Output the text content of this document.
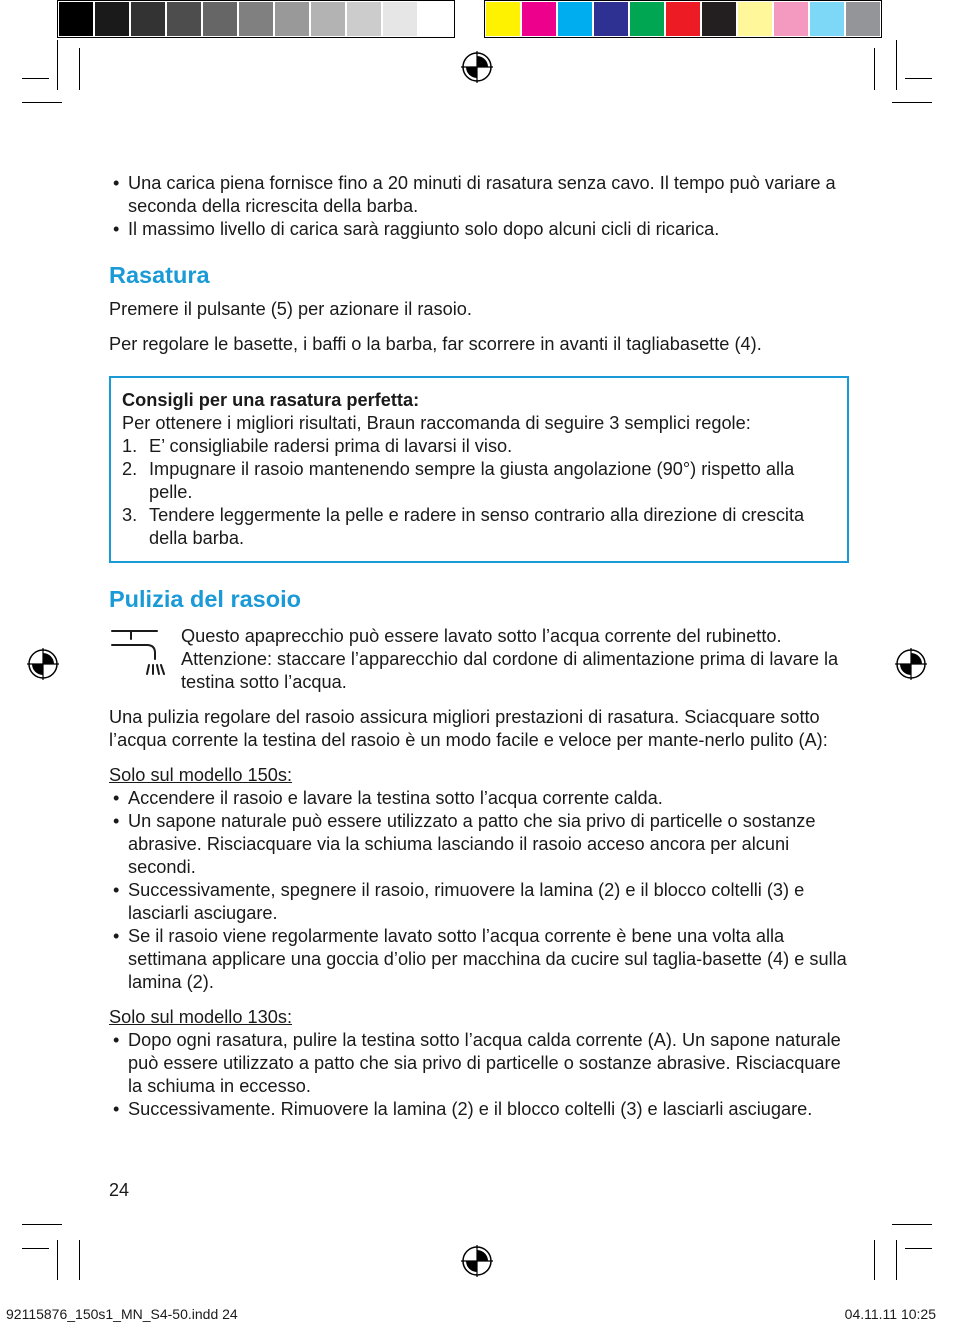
• Una carica piena fornisce fino a 20 minuti di rasatura senza cavo. Il tempo può variare a seconda della ricrescita della barba.
• Il massimo livello di carica sarà raggiunto solo dopo alcuni cicli di ricarica.
Rasatura

Premere il pulsante (5) per azionare il rasoio.

Per regolare le basette, i baffi o la barba, far scorrere in avanti il tagliabasette (4).

Consigli per una rasatura perfetta:
Per ottenere i migliori risultati, Braun raccomanda di seguire 3 semplici regole:
1. E’ consigliabile radersi prima di lavarsi il viso.
2. Impugnare il rasoio mantenendo sempre la giusta angolazione (90°) rispetto alla pelle.
3. Tendere leggermente la pelle e radere in senso contrario alla direzione di crescita della barba.
Pulizia del rasoio
Questo apaprecchio può essere lavato sotto l’acqua corrente del rubinetto.
Attenzione: staccare l’apparecchio dal cordone di alimentazione prima di lavare la testina sotto l’acqua.

Una pulizia regolare del rasoio assicura migliori prestazioni di rasatura. Sciacquare sotto l’acqua corrente la testina del rasoio è un modo facile e veloce per mante-nerlo pulito (A):

Solo sul modello 150s:

• Accendere il rasoio e lavare la testina sotto l’acqua corrente calda.
• Un sapone naturale può essere utilizzato a patto che sia privo di particelle o sostanze abrasive. Risciacquare via la schiuma lasciando il rasoio acceso ancora per alcuni secondi.
• Successivamente, spegnere il rasoio, rimuovere la lamina (2) e il blocco coltelli (3) e lasciarli asciugare.
• Se il rasoio viene regolarmente lavato sotto l’acqua corrente è bene una volta alla settimana applicare una goccia d’olio per macchina da cucire sul taglia-basette (4) e sulla lamina (2).

Solo sul modello 130s:

• Dopo ogni rasatura, pulire la testina sotto l’acqua calda corrente (A). Un sapone naturale può essere utilizzato a patto che sia privo di particelle o sostanze abrasive. Risciacquare la schiuma in eccesso.
• Successivamente. Rimuovere la lamina (2) e il blocco coltelli (3) e lasciarli asciugare.
24
92115876_150s1_MN_S4-50.indd 24	04.11.11 10:25
